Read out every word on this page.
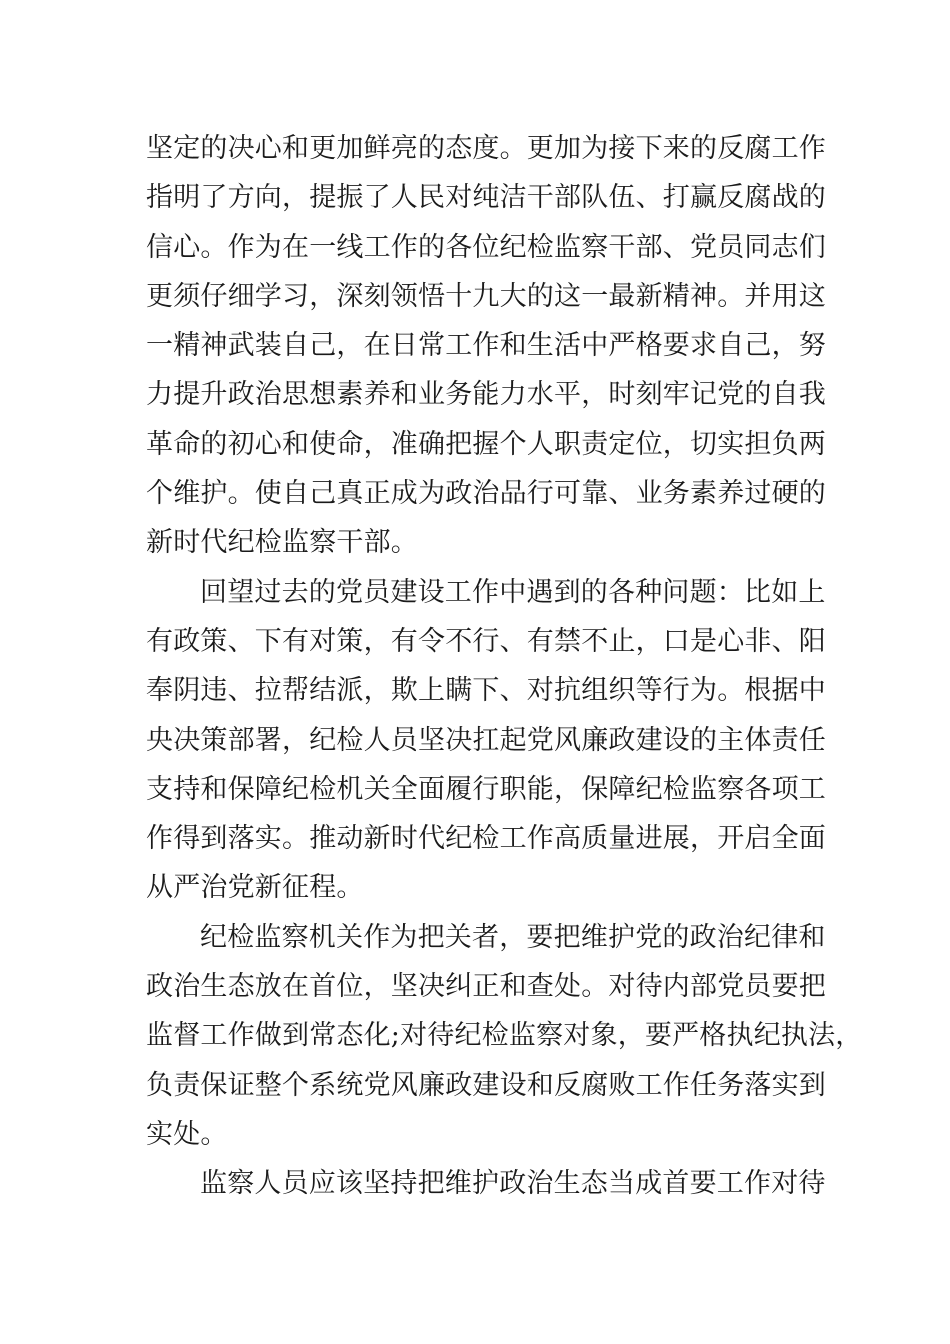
坚定的决心和更加鲜亮的态度。更加为接下来的反腐工作
指明了方向，提振了人民对纯洁干部队伍、打赢反腐战的
信心。作为在一线工作的各位纪检监察干部、党员同志们
更须仔细学习，深刻领悟十九大的这一最新精神。并用这
一精神武装自己，在日常工作和生活中严格要求自己，努
力提升政治思想素养和业务能力水平，时刻牢记党的自我
革命的初心和使命，准确把握个人职责定位，切实担负两
个维护。使自己真正成为政治品行可靠、业务素养过硬的
新时代纪检监察干部。
回望过去的党员建设工作中遇到的各种问题：比如上
有政策、下有对策，有令不行、有禁不止，口是心非、阳
奉阴违、拉帮结派，欺上瞒下、对抗组织等行为。根据中
央决策部署，纪检人员坚决扛起党风廉政建设的主体责任
支持和保障纪检机关全面履行职能，保障纪检监察各项工
作得到落实。推动新时代纪检工作高质量进展，开启全面
从严治党新征程。
纪检监察机关作为把关者，要把维护党的政治纪律和
政治生态放在首位，坚决纠正和查处。对待内部党员要把
监督工作做到常态化;对待纪检监察对象，要严格执纪执法，
负责保证整个系统党风廉政建设和反腐败工作任务落实到
实处。
监察人员应该坚持把维护政治生态当成首要工作对待
